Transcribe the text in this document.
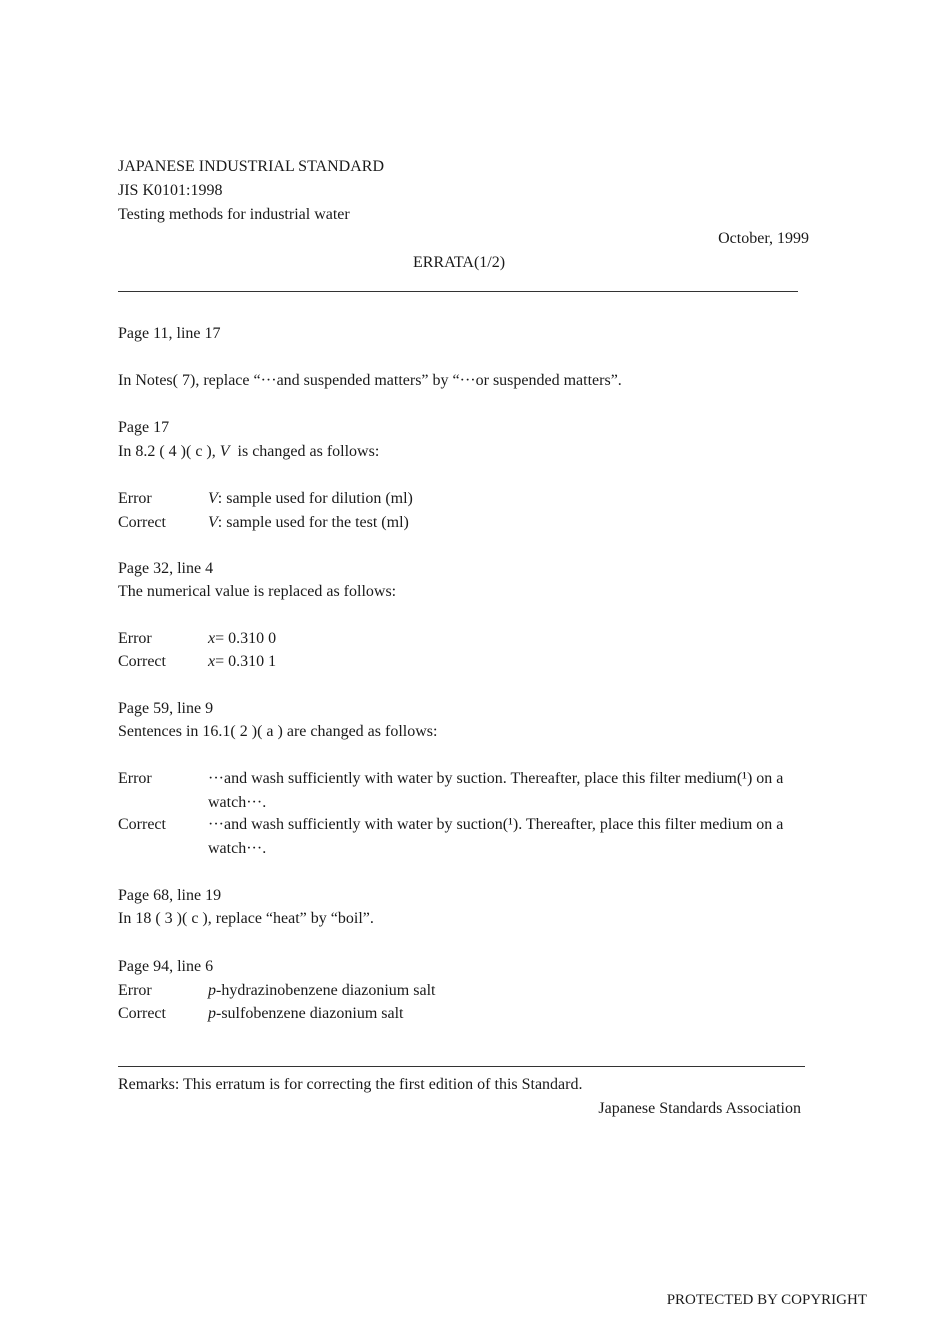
JAPANESE INDUSTRIAL STANDARD
JIS K0101:1998
Testing methods for industrial water
October, 1999
ERRATA(1/2)
Page 11, line 17
In Notes( 7), replace “···and suspended matters” by “···or suspended matters”.
Page 17
In 8.2 ( 4 )( c ), V is changed as follows:
Error	V: sample used for dilution (ml)
Correct	V: sample used for the test (ml)
Page 32, line 4
The numerical value is replaced as follows:
Error	x= 0.310 0
Correct	x= 0.310 1
Page 59, line 9
Sentences in 16.1( 2 )( a ) are changed as follows:
Error	···and wash sufficiently with water by suction. Thereafter, place this filter medium(¹) on a watch···.
Correct	···and wash sufficiently with water by suction(¹). Thereafter, place this filter medium on a watch···.
Page 68, line 19
In 18 ( 3 )( c ), replace “heat” by “boil”.
Page 94, line 6
Error	p-hydrazinobenzene diazonium salt
Correct	p-sulfobenzene diazonium salt
Remarks: This erratum is for correcting the first edition of this Standard.
Japanese Standards Association
PROTECTED BY COPYRIGHT
